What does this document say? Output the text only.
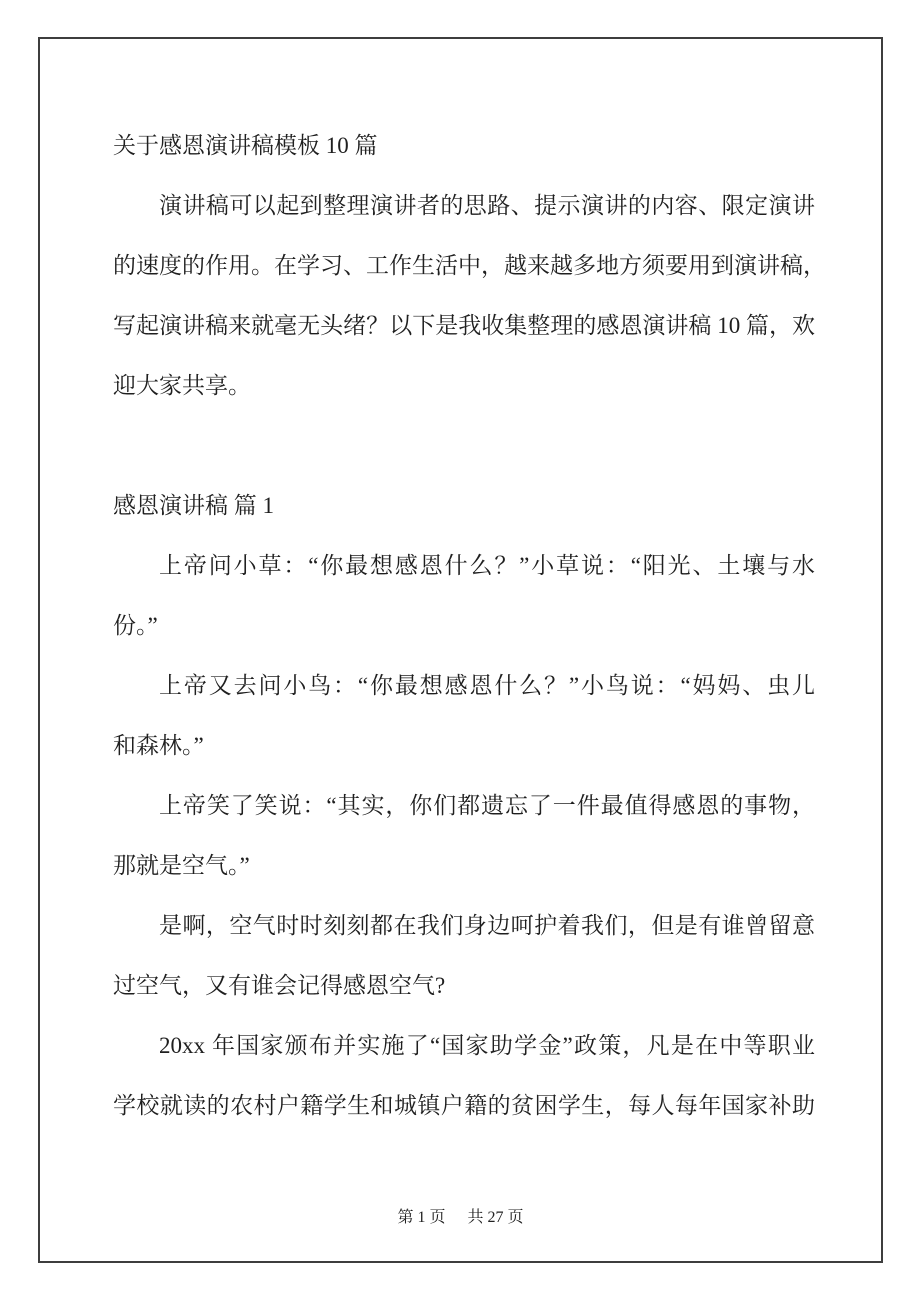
关于感恩演讲稿模板 10 篇
演讲稿可以起到整理演讲者的思路、提示演讲的内容、限定演讲
的速度的作用。在学习、工作生活中，越来越多地方须要用到演讲稿，
写起演讲稿来就毫无头绪？以下是我收集整理的感恩演讲稿 10 篇，欢
迎大家共享。
感恩演讲稿 篇 1
上帝问小草：“你最想感恩什么？”小草说：“阳光、土壤与水
份。”
上帝又去问小鸟：“你最想感恩什么？”小鸟说：“妈妈、虫儿
和森林。”
上帝笑了笑说：“其实，你们都遗忘了一件最值得感恩的事物，
那就是空气。”
是啊，空气时时刻刻都在我们身边呵护着我们，但是有谁曾留意
过空气，又有谁会记得感恩空气?
20xx 年国家颁布并实施了“国家助学金”政策，凡是在中等职业
学校就读的农村户籍学生和城镇户籍的贫困学生，每人每年国家补助
第 1 页 共 27 页
